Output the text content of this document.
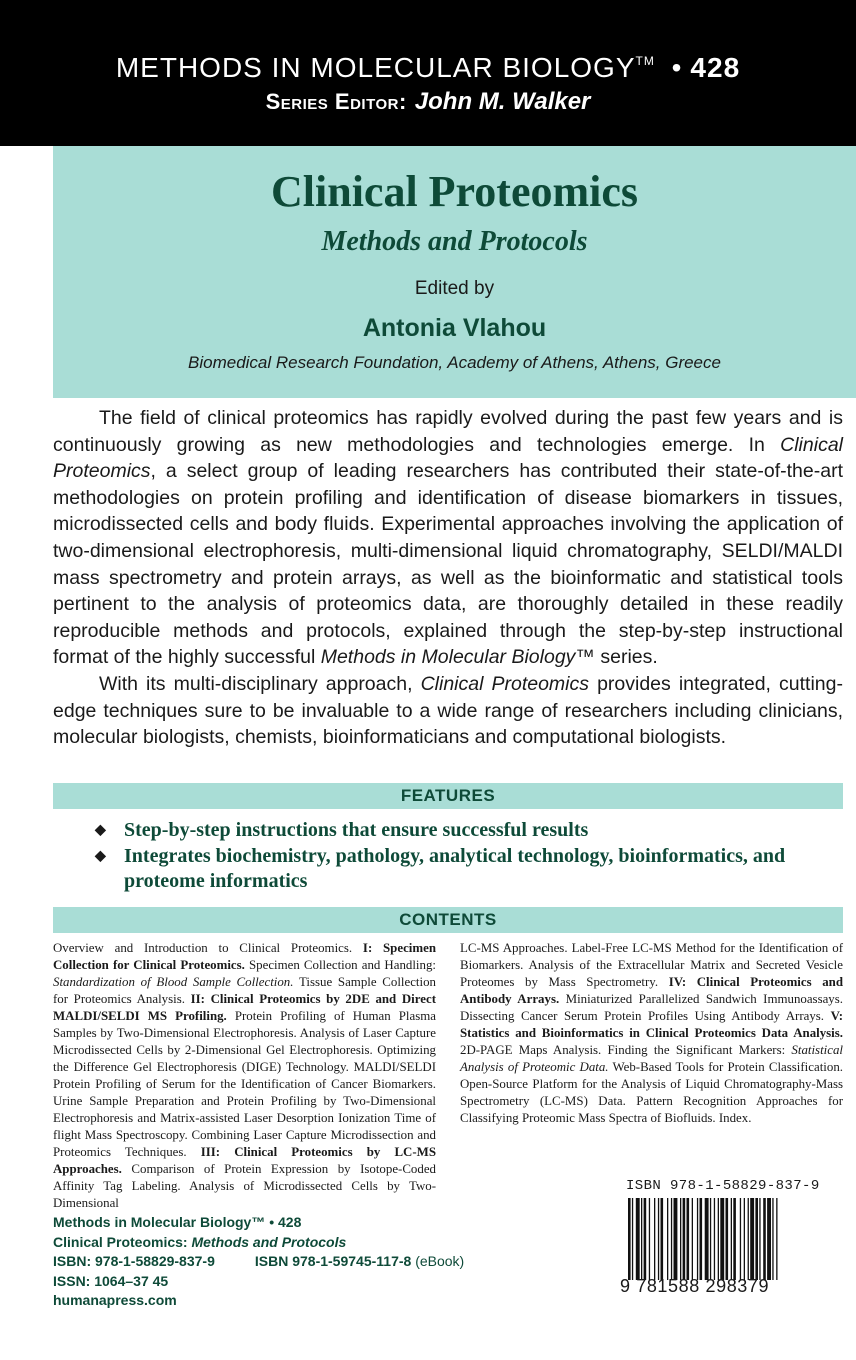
METHODS IN MOLECULAR BIOLOGY™ • 428
Series Editor: John M. Walker
Clinical Proteomics
Methods and Protocols
Edited by
Antonia Vlahou
Biomedical Research Foundation, Academy of Athens, Athens, Greece

The field of clinical proteomics has rapidly evolved during the past few years and is continuously growing as new methodologies and technologies emerge. In Clinical Proteomics, a select group of leading researchers has contributed their state-of-the-art methodologies on protein profiling and identification of disease biomarkers in tissues, microdissected cells and body fluids. Experimental approaches involving the application of two-dimensional electrophoresis, multi-dimensional liquid chromatography, SELDI/MALDI mass spectrometry and protein arrays, as well as the bioinformatic and statistical tools pertinent to the analysis of proteomics data, are thoroughly detailed in these readily reproducible methods and protocols, explained through the step-by-step instructional format of the highly successful Methods in Molecular Biology™ series.

With its multi-disciplinary approach, Clinical Proteomics provides integrated, cutting-edge techniques sure to be invaluable to a wide range of researchers including clinicians, molecular biologists, chemists, bioinformaticians and computational biologists.

FEATURES
◆ Step-by-step instructions that ensure successful results
◆ Integrates biochemistry, pathology, analytical technology, bioinformatics, and proteome informatics
CONTENTS
Overview and Introduction to Clinical Proteomics. I: Specimen Collection for Clinical Proteomics. Specimen Collection and Handling: Standardization of Blood Sample Collection. Tissue Sample Collection for Proteomics Analysis. II: Clinical Proteomics by 2DE and Direct MALDI/SELDI MS Profiling. Protein Profiling of Human Plasma Samples by Two-Dimensional Electrophoresis. Analysis of Laser Capture Microdissected Cells by 2-Dimensional Gel Electrophoresis. Optimizing the Difference Gel Electrophoresis (DIGE) Technology. MALDI/SELDI Protein Profiling of Serum for the Identification of Cancer Biomarkers. Urine Sample Preparation and Protein Profiling by Two-Dimensional Electrophoresis and Matrix-assisted Laser Desorption Ionization Time of flight Mass Spectroscopy. Combining Laser Capture Microdissection and Proteomics Techniques. III: Clinical Proteomics by LC-MS Approaches. Comparison of Protein Expression by Isotope-Coded Affinity Tag Labeling. Analysis of Microdissected Cells by Two-Dimensional
LC-MS Approaches. Label-Free LC-MS Method for the Identification of Biomarkers. Analysis of the Extracellular Matrix and Secreted Vesicle Proteomes by Mass Spectrometry. IV: Clinical Proteomics and Antibody Arrays. Miniaturized Parallelized Sandwich Immunoassays. Dissecting Cancer Serum Protein Profiles Using Antibody Arrays. V: Statistics and Bioinformatics in Clinical Proteomics Data Analysis. 2D-PAGE Maps Analysis. Finding the Significant Markers: Statistical Analysis of Proteomic Data. Web-Based Tools for Protein Classification. Open-Source Platform for the Analysis of Liquid Chromatography-Mass Spectrometry (LC-MS) Data. Pattern Recognition Approaches for Classifying Proteomic Mass Spectra of Biofluids. Index.
Methods in Molecular Biology™ • 428
Clinical Proteomics: Methods and Protocols
ISBN: 978-1-58829-837-9	ISBN 978-1-59745-117-8 (eBook)
ISSN: 1064–37 45
humanapress.com
ISBN 978-1-58829-837-9
9 781588 298379
